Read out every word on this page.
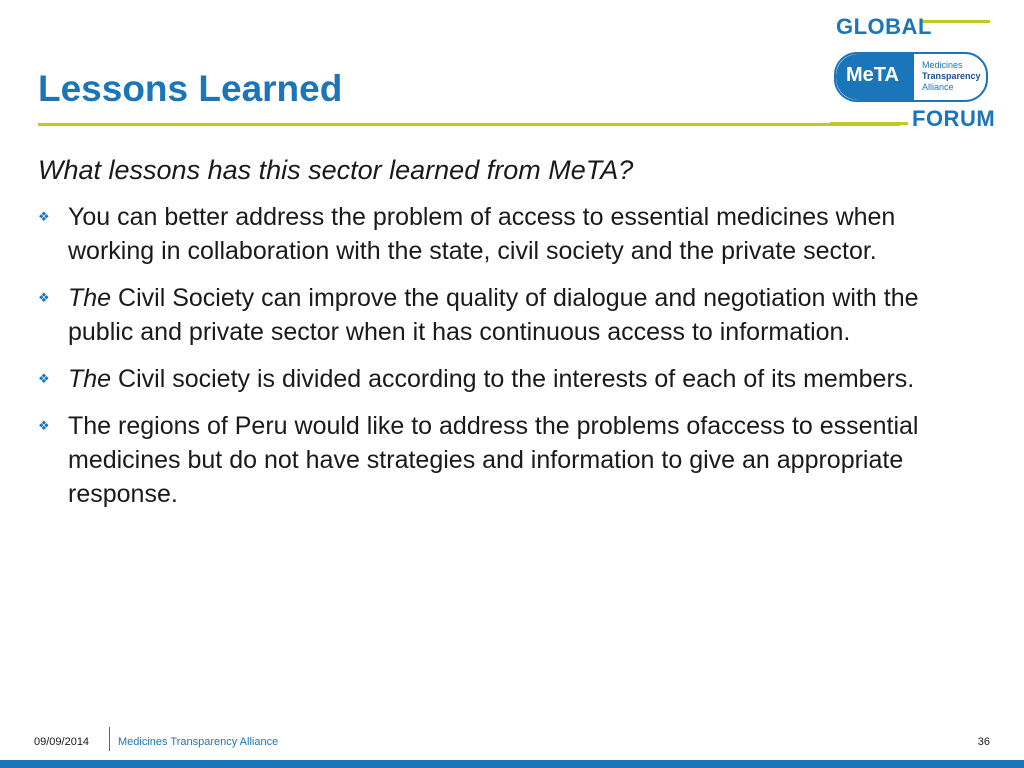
Lessons Learned
GLOBAL
MeTA	Medicines
Transparency
Alliance
FORUM
What lessons has this sector learned from MeTA?
❖ You can better address the problem of access to essential medicines when working in collaboration with the state, civil society and the private sector.
❖ The Civil Society can improve the quality of dialogue and negotiation with the public and private sector when it has continuous access to information.
❖ The Civil society is divided according to the interests of each of its members.
❖ The regions of Peru would like to address the problems ofaccess to essential medicines but do not have strategies and information to give an appropriate response.
09/09/2014	Medicines Transparency Alliance	36
